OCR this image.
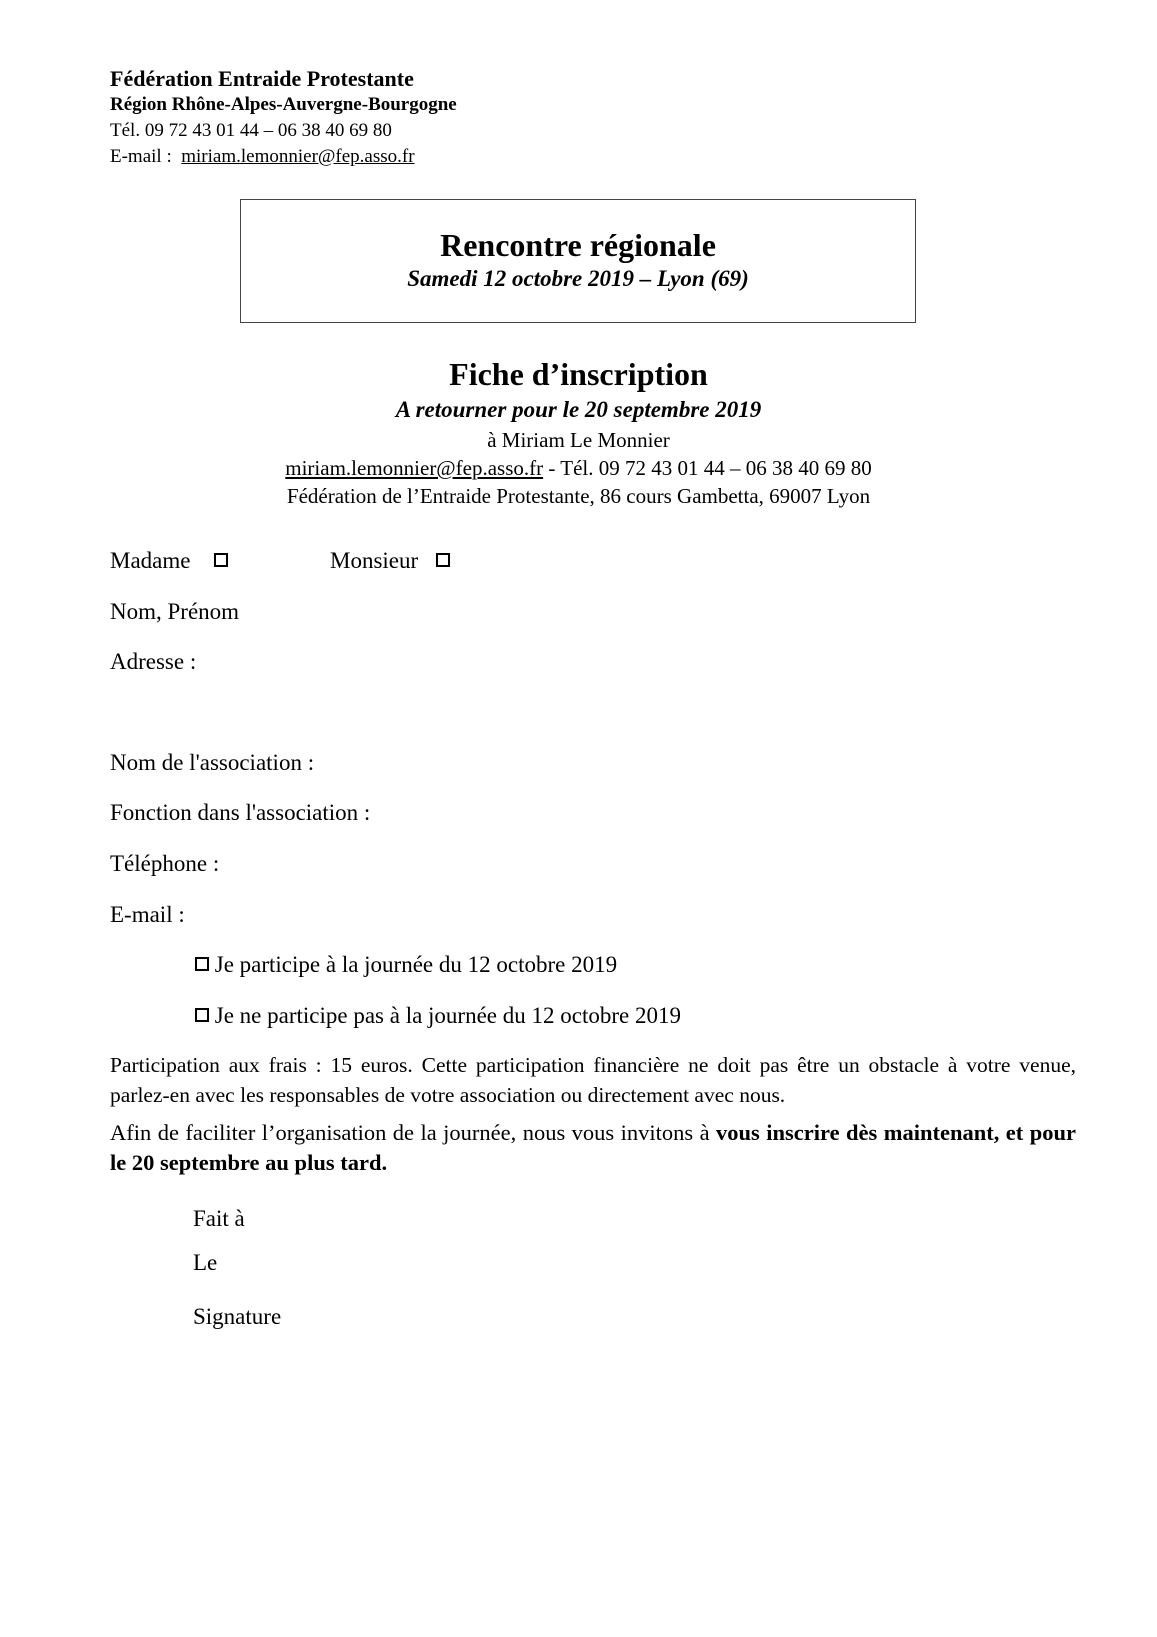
Fédération Entraide Protestante
Région Rhône-Alpes-Auvergne-Bourgogne
Tél. 09 72 43 01 44 – 06 38 40 69 80
E-mail : miriam.lemonnier@fep.asso.fr
Rencontre régionale
Samedi 12 octobre 2019 – Lyon (69)
Fiche d’inscription
A retourner pour le 20 septembre 2019
à Miriam Le Monnier
miriam.lemonnier@fep.asso.fr - Tél. 09 72 43 01 44 – 06 38 40 69 80
Fédération de l’Entraide Protestante, 86 cours Gambetta, 69007 Lyon
Madame	Monsieur
Nom, Prénom
Adresse :
Nom de l'association :
Fonction dans l'association :
Téléphone :
E-mail :
Je participe à la journée du 12 octobre 2019
Je ne participe pas à la journée du 12 octobre 2019
Participation aux frais : 15 euros. Cette participation financière ne doit pas être un obstacle à votre venue, parlez-en avec les responsables de votre association ou directement avec nous.
Afin de faciliter l’organisation de la journée, nous vous invitons à vous inscrire dès maintenant, et pour le 20 septembre au plus tard.
Fait à
Le
Signature
